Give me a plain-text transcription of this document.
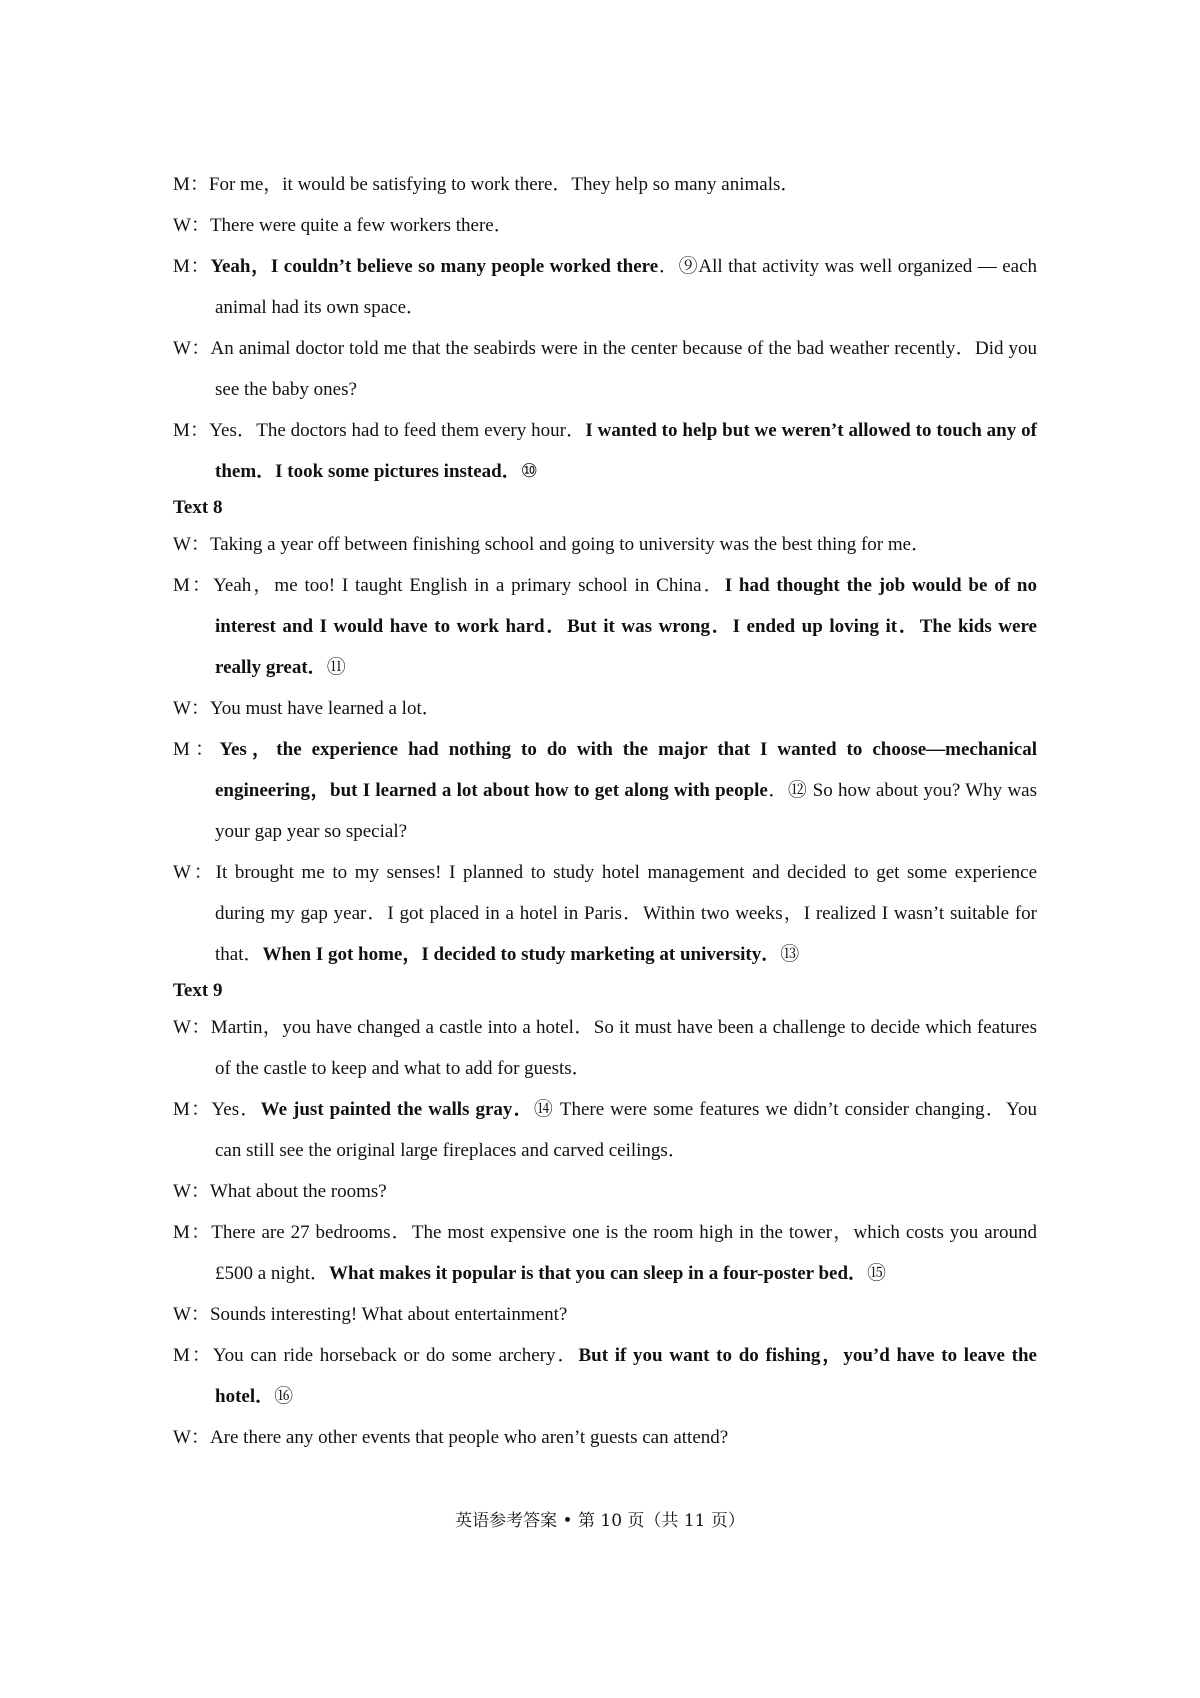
M：For me，it would be satisfying to work there．They help so many animals．

W：There were quite a few workers there．

M：Yeah，I couldn’t believe so many people worked there．⑨All that activity was well organized — each animal had its own space．

W：An animal doctor told me that the seabirds were in the center because of the bad weather recently．Did you see the baby ones?

M：Yes．The doctors had to feed them every hour．I wanted to help but we weren’t allowed to touch any of them．I took some pictures instead．⑩

Text 8

W：Taking a year off between finishing school and going to university was the best thing for me．

M：Yeah，me too! I taught English in a primary school in China．I had thought the job would be of no interest and I would have to work hard．But it was wrong．I ended up loving it．The kids were really great．⑪

W：You must have learned a lot．

M：Yes，the experience had nothing to do with the major that I wanted to choose—mechanical engineering，but I learned a lot about how to get along with people．⑫ So how about you? Why was your gap year so special?

W：It brought me to my senses! I planned to study hotel management and decided to get some experience during my gap year．I got placed in a hotel in Paris．Within two weeks，I realized I wasn’t suitable for that．When I got home，I decided to study marketing at university．⑬

Text 9

W：Martin，you have changed a castle into a hotel．So it must have been a challenge to decide which features of the castle to keep and what to add for guests．

M：Yes．We just painted the walls gray．⑭ There were some features we didn’t consider changing．You can still see the original large fireplaces and carved ceilings．

W：What about the rooms?

M：There are 27 bedrooms．The most expensive one is the room high in the tower，which costs you around £500 a night．What makes it popular is that you can sleep in a four-poster bed．⑮

W：Sounds interesting! What about entertainment?

M：You can ride horseback or do some archery．But if you want to do fishing，you’d have to leave the hotel．⑯

W：Are there any other events that people who aren’t guests can attend?

英语参考答案 • 第 10 页（共 11 页）
